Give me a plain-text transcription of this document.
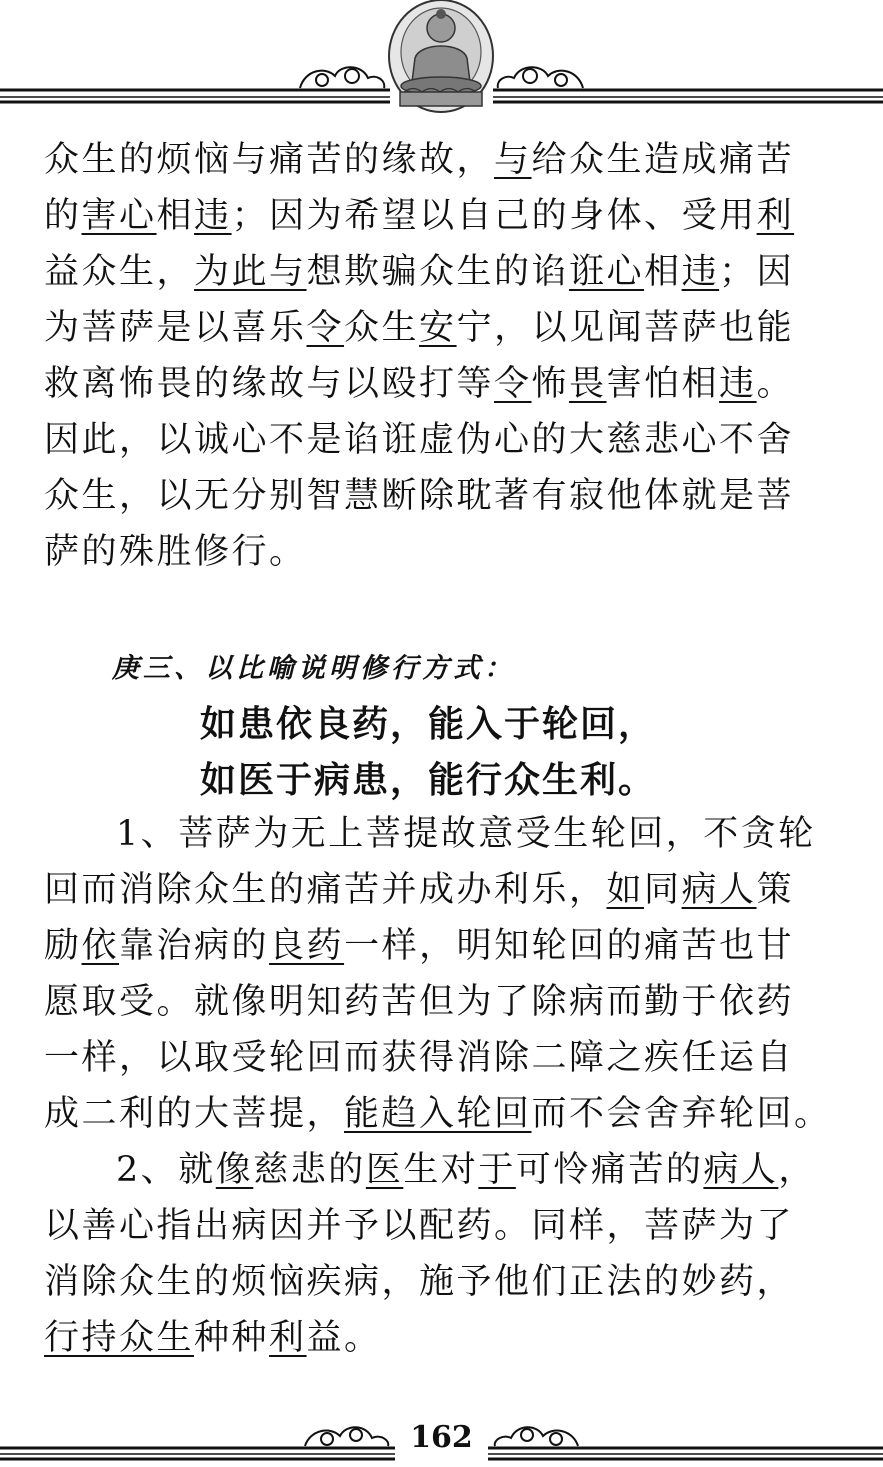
众生的烦恼与痛苦的缘故，与给众生造成痛苦
的害心相违；因为希望以自己的身体、受用利
益众生，为此与想欺骗众生的谄诳心相违；因
为菩萨是以喜乐令众生安宁，以见闻菩萨也能
救离怖畏的缘故与以殴打等令怖畏害怕相违。
因此，以诚心不是谄诳虚伪心的大慈悲心不舍
众生，以无分别智慧断除耽著有寂他体就是菩
萨的殊胜修行。
庚三、以比喻说明修行方式：
如患依良药，能入于轮回，
如医于病患，能行众生利。
1、菩萨为无上菩提故意受生轮回，不贪轮
回而消除众生的痛苦并成办利乐，如同病人策
励依靠治病的良药一样，明知轮回的痛苦也甘
愿取受。就像明知药苦但为了除病而勤于依药
一样，以取受轮回而获得消除二障之疾任运自
成二利的大菩提，能趋入轮回而不会舍弃轮回。
2、就像慈悲的医生对于可怜痛苦的病人，
以善心指出病因并予以配药。同样，菩萨为了
消除众生的烦恼疾病，施予他们正法的妙药，
行持众生种种利益。
162
